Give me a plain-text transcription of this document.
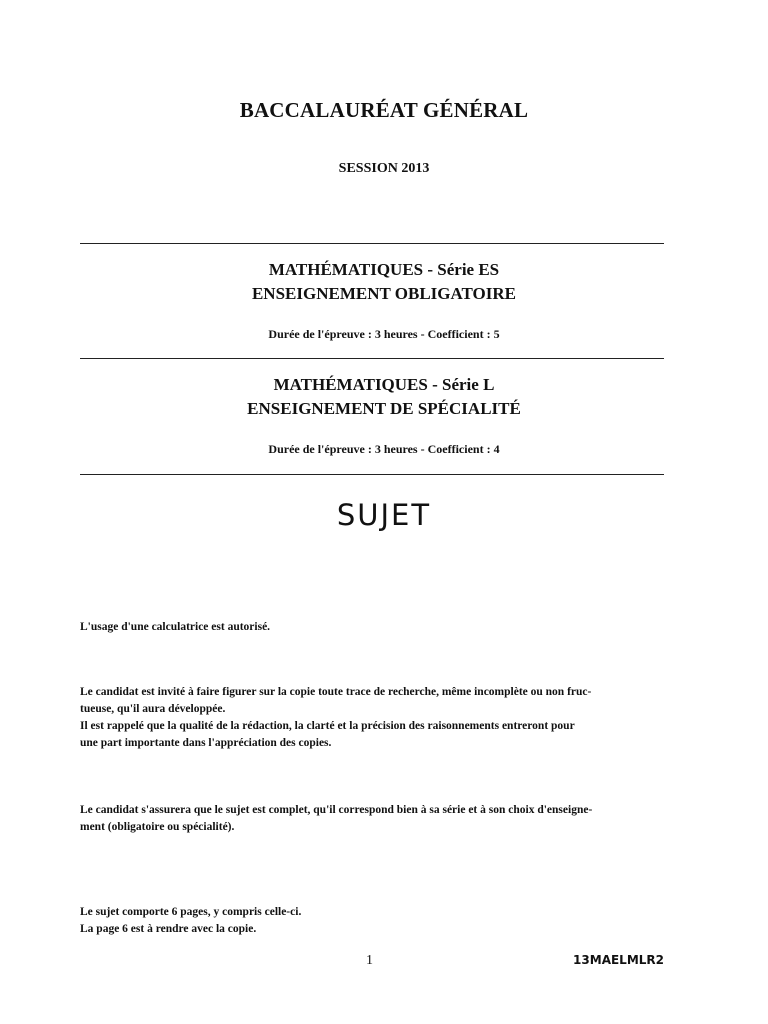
BACCALAURÉAT GÉNÉRAL
SESSION 2013
MATHÉMATIQUES - Série ES
ENSEIGNEMENT OBLIGATOIRE
Durée de l'épreuve : 3 heures - Coefficient : 5
MATHÉMATIQUES - Série L
ENSEIGNEMENT DE SPÉCIALITÉ
Durée de l'épreuve : 3 heures - Coefficient : 4
SUJET
L'usage d'une calculatrice est autorisé.
Le candidat est invité à faire figurer sur la copie toute trace de recherche, même incomplète ou non fruc-
tueuse, qu'il aura développée.
Il est rappelé que la qualité de la rédaction, la clarté et la précision des raisonnements entreront pour
une part importante dans l'appréciation des copies.
Le candidat s'assurera que le sujet est complet, qu'il correspond bien à sa série et à son choix d'enseigne-
ment (obligatoire ou spécialité).
Le sujet comporte 6 pages, y compris celle-ci.
La page 6 est à rendre avec la copie.
1	13MAELMLR2
